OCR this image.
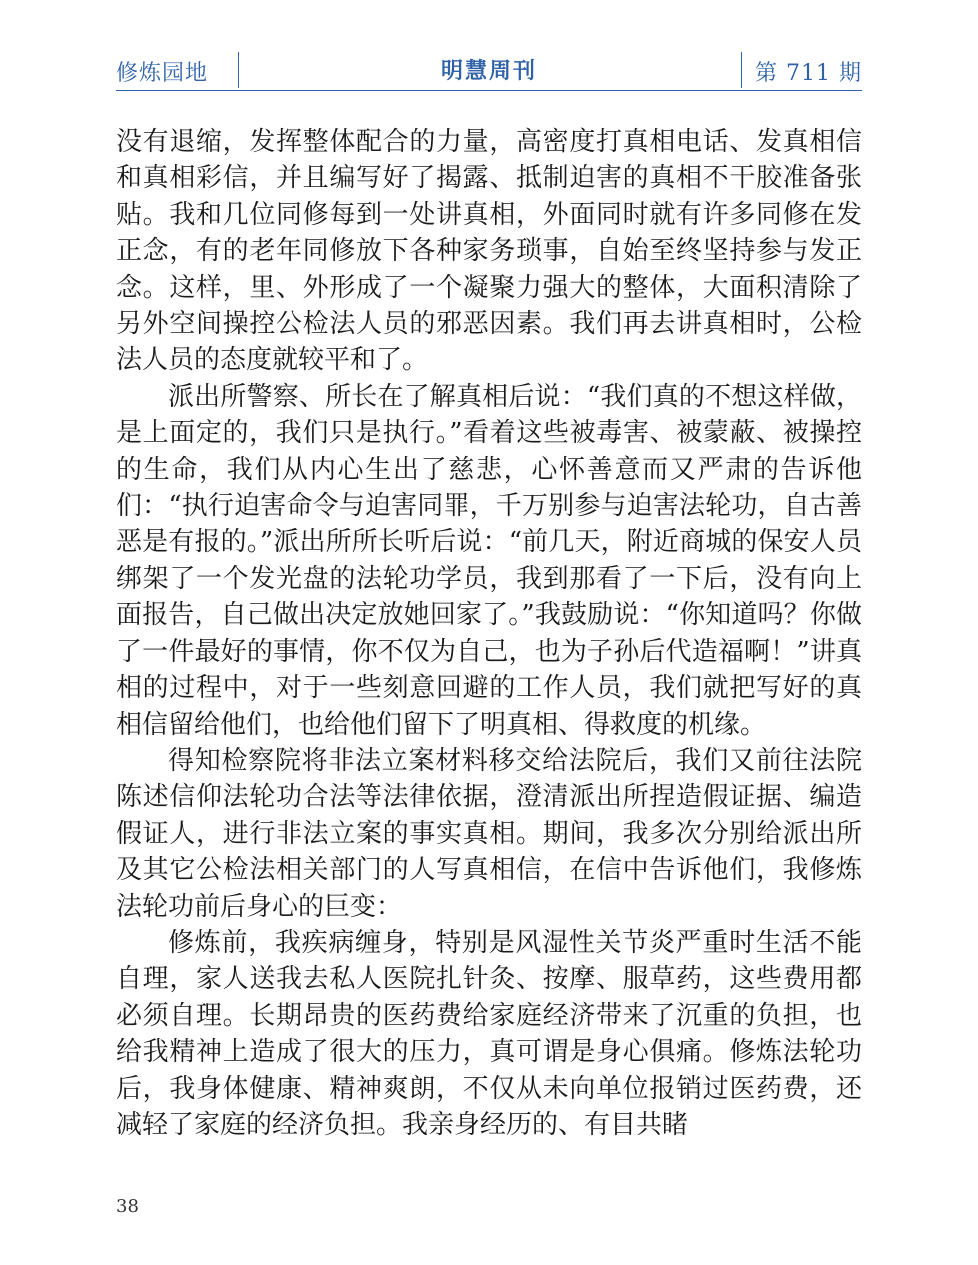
修炼园地	明慧周刊	第 711 期

没有退缩，发挥整体配合的力量，高密度打真相电话、发真相信和真相彩信，并且编写好了揭露、抵制迫害的真相不干胶准备张贴。我和几位同修每到一处讲真相，外面同时就有许多同修在发正念，有的老年同修放下各种家务琐事，自始至终坚持参与发正念。这样，里、外形成了一个凝聚力强大的整体，大面积清除了另外空间操控公检法人员的邪恶因素。我们再去讲真相时，公检法人员的态度就较平和了。

派出所警察、所长在了解真相后说：“我们真的不想这样做，是上面定的，我们只是执行。”看着这些被毒害、被蒙蔽、被操控的生命，我们从内心生出了慈悲，心怀善意而又严肃的告诉他们：“执行迫害命令与迫害同罪，千万别参与迫害法轮功，自古善恶是有报的。”派出所所长听后说：“前几天，附近商城的保安人员绑架了一个发光盘的法轮功学员，我到那看了一下后，没有向上面报告，自己做出决定放她回家了。”我鼓励说：“你知道吗？你做了一件最好的事情，你不仅为自己，也为子孙后代造福啊！”讲真相的过程中，对于一些刻意回避的工作人员，我们就把写好的真相信留给他们，也给他们留下了明真相、得救度的机缘。

得知检察院将非法立案材料移交给法院后，我们又前往法院陈述信仰法轮功合法等法律依据，澄清派出所捏造假证据、编造假证人，进行非法立案的事实真相。期间，我多次分别给派出所及其它公检法相关部门的人写真相信，在信中告诉他们，我修炼法轮功前后身心的巨变：

修炼前，我疾病缠身，特别是风湿性关节炎严重时生活不能自理，家人送我去私人医院扎针灸、按摩、服草药，这些费用都必须自理。长期昂贵的医药费给家庭经济带来了沉重的负担，也给我精神上造成了很大的压力，真可谓是身心俱痛。修炼法轮功后，我身体健康、精神爽朗，不仅从未向单位报销过医药费，还减轻了家庭的经济负担。我亲身经历的、有目共睹

38
